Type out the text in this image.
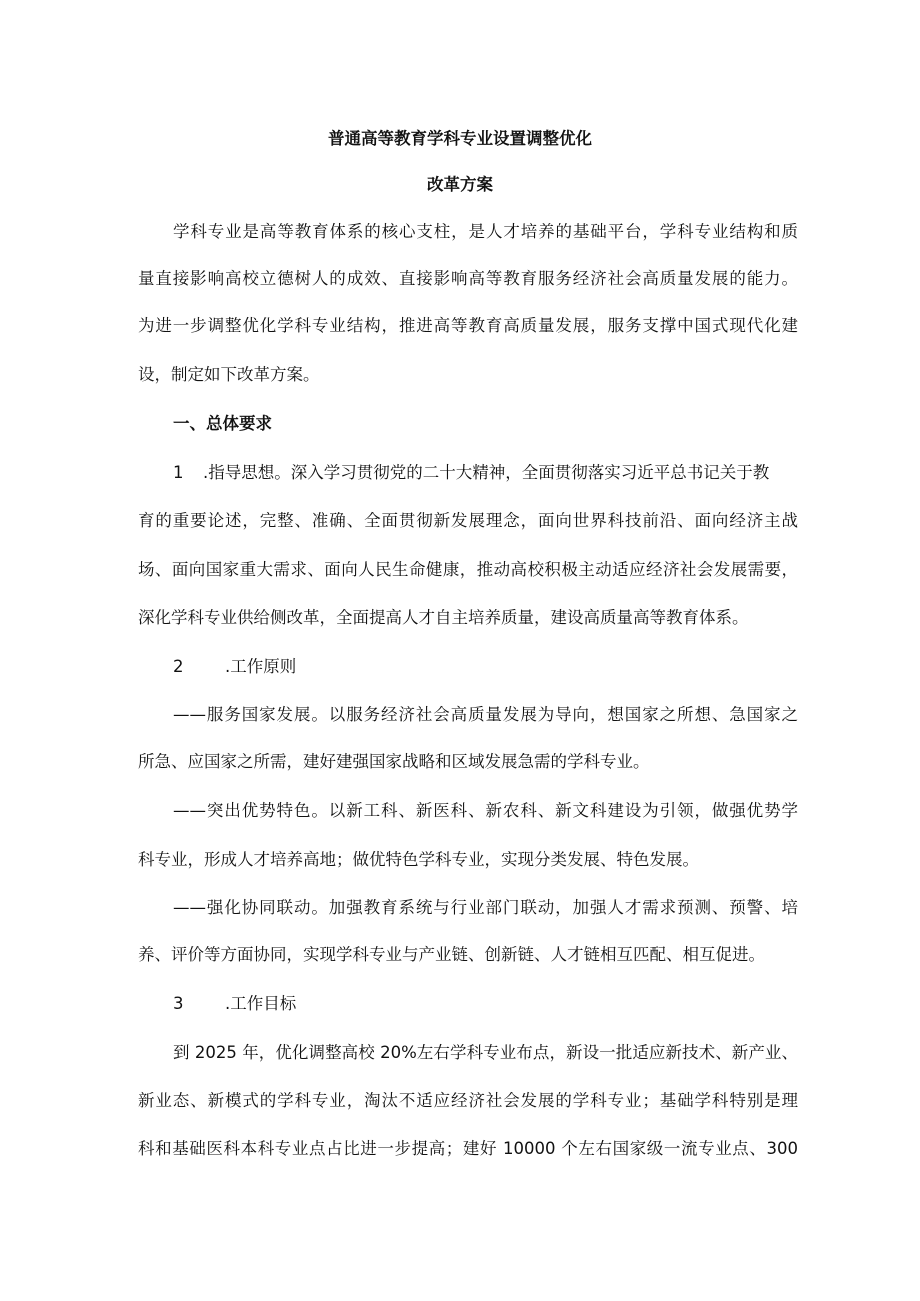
普通高等教育学科专业设置调整优化
改革方案
学科专业是高等教育体系的核心支柱，是人才培养的基础平台，学科专业结构和质
量直接影响高校立德树人的成效、直接影响高等教育服务经济社会高质量发展的能力。
为进一步调整优化学科专业结构，推进高等教育高质量发展，服务支撑中国式现代化建
设，制定如下改革方案。
一、总体要求
1 .指导思想。深入学习贯彻党的二十大精神，全面贯彻落实习近平总书记关于教
育的重要论述，完整、准确、全面贯彻新发展理念，面向世界科技前沿、面向经济主战
场、面向国家重大需求、面向人民生命健康，推动高校积极主动适应经济社会发展需要，
深化学科专业供给侧改革，全面提高人才自主培养质量，建设高质量高等教育体系。
2	.工作原则
——服务国家发展。以服务经济社会高质量发展为导向，想国家之所想、急国家之
所急、应国家之所需，建好建强国家战略和区域发展急需的学科专业。
——突出优势特色。以新工科、新医科、新农科、新文科建设为引领，做强优势学
科专业，形成人才培养高地；做优特色学科专业，实现分类发展、特色发展。
——强化协同联动。加强教育系统与行业部门联动，加强人才需求预测、预警、培
养、评价等方面协同，实现学科专业与产业链、创新链、人才链相互匹配、相互促进。
3	.工作目标
到 2025 年，优化调整高校 20%左右学科专业布点，新设一批适应新技术、新产业、
新业态、新模式的学科专业，淘汰不适应经济社会发展的学科专业；基础学科特别是理
科和基础医科本科专业点占比进一步提高；建好 10000 个左右国家级一流专业点、300
